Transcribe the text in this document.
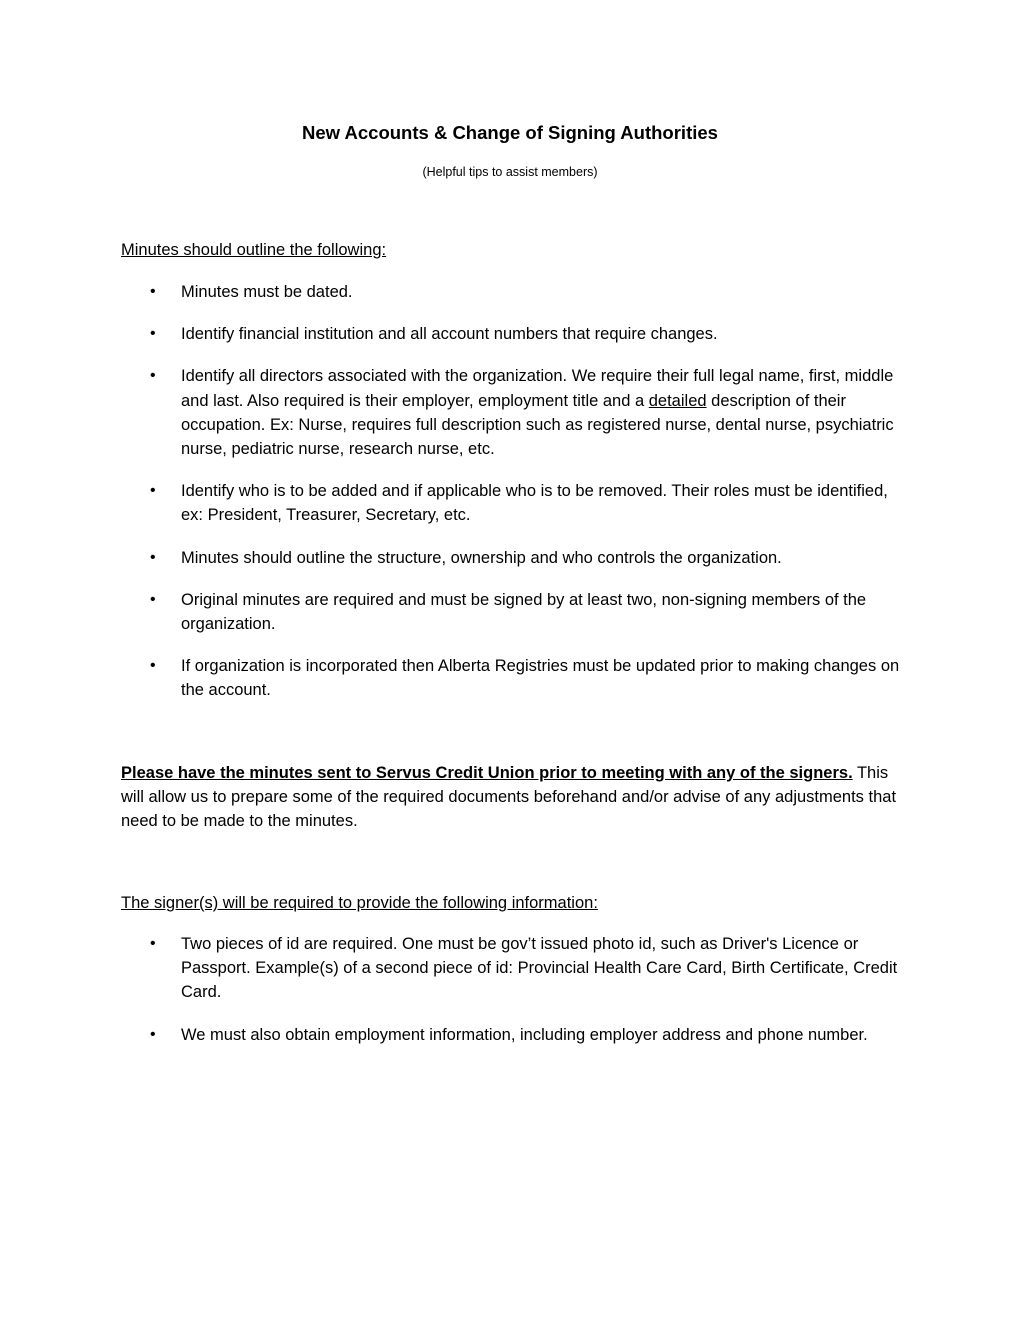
New Accounts & Change of Signing Authorities
(Helpful tips to assist members)
Minutes should outline the following:
• Minutes must be dated.
• Identify financial institution and all account numbers that require changes.
• Identify all directors associated with the organization. We require their full legal name, first, middle and last. Also required is their employer, employment title and a detailed description of their occupation. Ex: Nurse, requires full description such as registered nurse, dental nurse, psychiatric nurse, pediatric nurse, research nurse, etc.
• Identify who is to be added and if applicable who is to be removed. Their roles must be identified, ex: President, Treasurer, Secretary, etc.
• Minutes should outline the structure, ownership and who controls the organization.
• Original minutes are required and must be signed by at least two, non-signing members of the organization.
• If organization is incorporated then Alberta Registries must be updated prior to making changes on the account.

Please have the minutes sent to Servus Credit Union prior to meeting with any of the signers. This will allow us to prepare some of the required documents beforehand and/or advise of any adjustments that need to be made to the minutes.

The signer(s) will be required to provide the following information:
• Two pieces of id are required. One must be gov’t issued photo id, such as Driver's Licence or Passport. Example(s) of a second piece of id: Provincial Health Care Card, Birth Certificate, Credit Card.
• We must also obtain employment information, including employer address and phone number.
